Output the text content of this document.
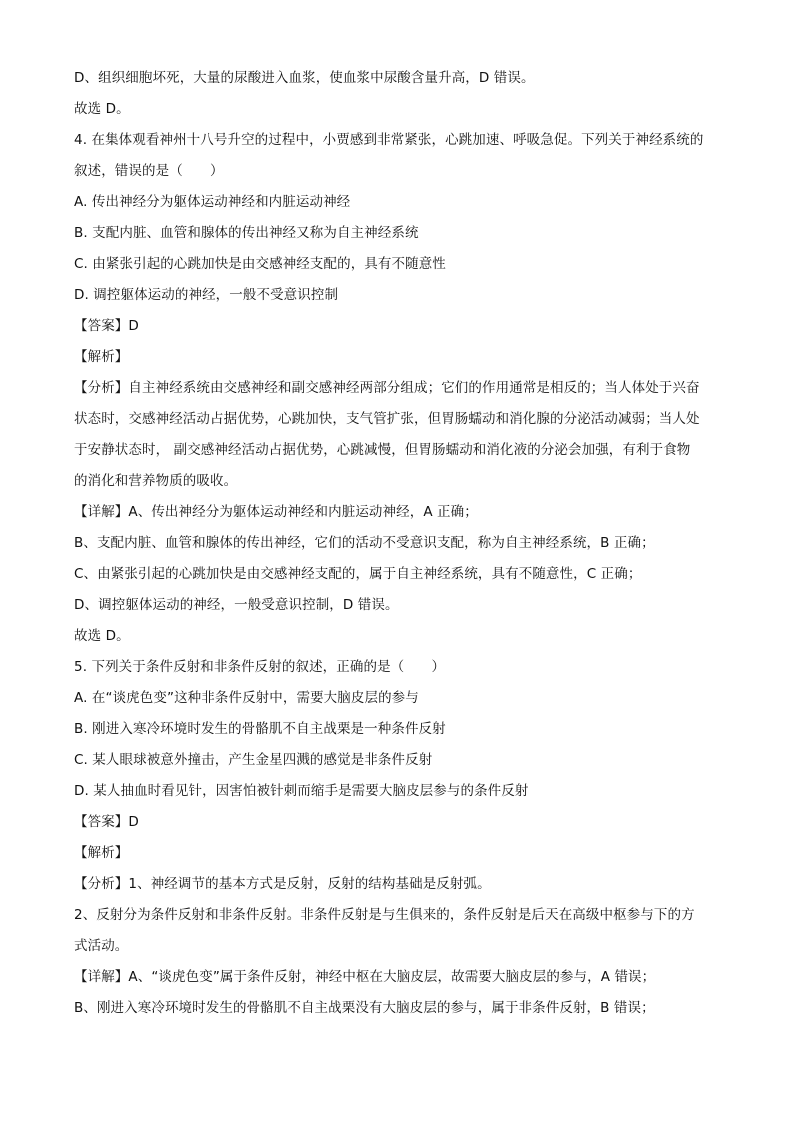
D、组织细胞坏死，大量的尿酸进入血浆，使血浆中尿酸含量升高，D 错误。
故选 D。
4. 在集体观看神州十八号升空的过程中，小贾感到非常紧张，心跳加速、呼吸急促。下列关于神经系统的
叙述，错误的是（　　）
A. 传出神经分为躯体运动神经和内脏运动神经
B. 支配内脏、血管和腺体的传出神经又称为自主神经系统
C. 由紧张引起的心跳加快是由交感神经支配的，具有不随意性
D. 调控躯体运动的神经，一般不受意识控制
【答案】D
【解析】
【分析】自主神经系统由交感神经和副交感神经两部分组成；它们的作用通常是相反的；当人体处于兴奋
状态时，交感神经活动占据优势，心跳加快，支气管扩张，但胃肠蠕动和消化腺的分泌活动减弱；当人处
于安静状态时， 副交感神经活动占据优势，心跳减慢，但胃肠蠕动和消化液的分泌会加强，有利于食物
的消化和营养物质的吸收。
【详解】A、传出神经分为躯体运动神经和内脏运动神经，A 正确；
B、支配内脏、血管和腺体的传出神经，它们的活动不受意识支配，称为自主神经系统，B 正确；
C、由紧张引起的心跳加快是由交感神经支配的，属于自主神经系统，具有不随意性，C 正确；
D、调控躯体运动的神经，一般受意识控制，D 错误。
故选 D。
5. 下列关于条件反射和非条件反射的叙述，正确的是（　　）
A. 在“谈虎色变”这种非条件反射中，需要大脑皮层的参与
B. 刚进入寒冷环境时发生的骨骼肌不自主战栗是一种条件反射
C. 某人眼球被意外撞击，产生金星四溅的感觉是非条件反射
D. 某人抽血时看见针，因害怕被针刺而缩手是需要大脑皮层参与的条件反射
【答案】D
【解析】
【分析】1、神经调节的基本方式是反射，反射的结构基础是反射弧。
2、反射分为条件反射和非条件反射。非条件反射是与生俱来的，条件反射是后天在高级中枢参与下的方
式活动。
【详解】A、“谈虎色变”属于条件反射，神经中枢在大脑皮层，故需要大脑皮层的参与，A 错误；
B、刚进入寒冷环境时发生的骨骼肌不自主战栗没有大脑皮层的参与，属于非条件反射，B 错误；
